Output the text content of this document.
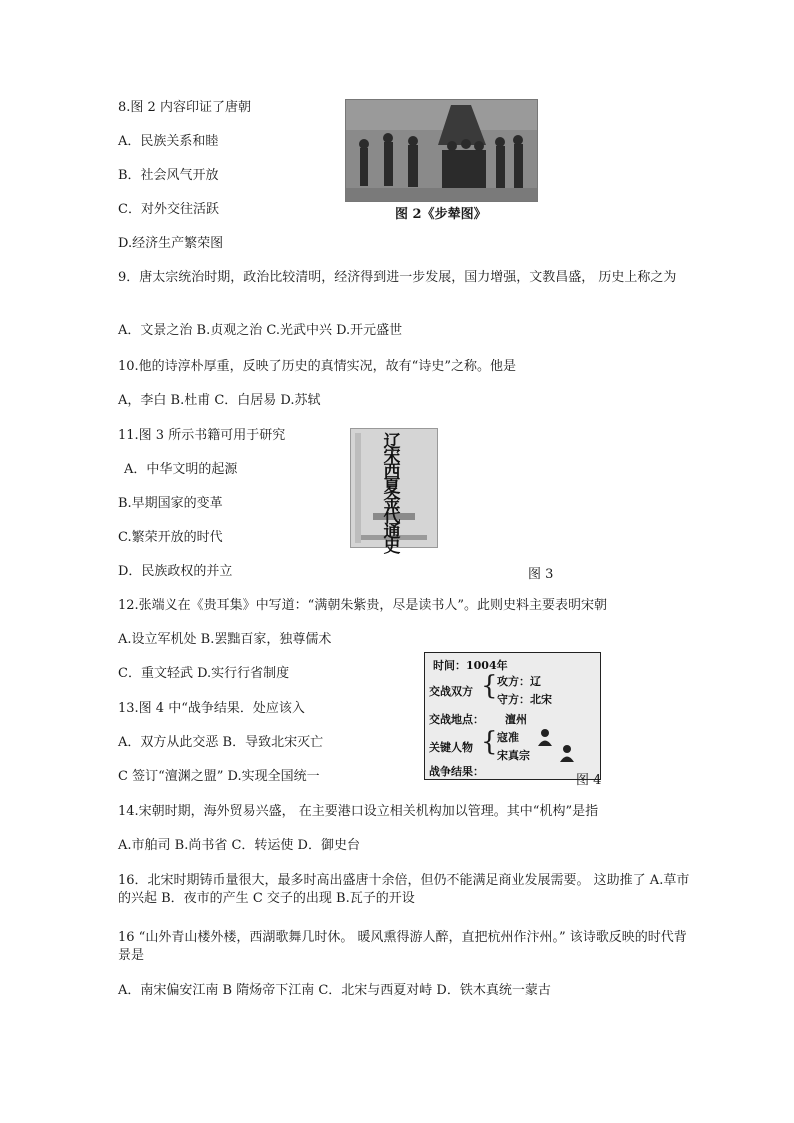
8.图 2 内容印证了唐朝
A．民族关系和睦
B．社会风气开放
C．对外交往活跃
D.经济生产繁荣图
图 2《步辇图》
9．唐太宗统治时期，政治比较清明，经济得到进一步发展，国力增强，文教昌盛， 历史上称之为
A．文景之治 B.贞观之治 C.光武中兴 D.开元盛世
10.他的诗淳朴厚重，反映了历史的真情实况，故有“诗史”之称。他是
A，李白 B.杜甫 C．白居易 D.苏轼
11.图 3 所示书籍可用于研究
A．中华文明的起源
B.早期国家的变革
C.繁荣开放的时代
D．民族政权的并立
辽宋西夏金代通史
图 3
12.张端义在《贵耳集》中写道：“满朝朱紫贵，尽是读书人”。此则史料主要表明宋朝
A.设立军机处 B.罢黜百家，独尊儒术
C．重文轻武 D.实行行省制度
13.图 4 中“战争结果．处应该入
A．双方从此交恶 B．导致北宋灭亡
C 签订“澶渊之盟” D.实现全国统一
时间：1004年
交战双方 { 攻方：辽
守方：北宋
交战地点： 澶州
关键人物 { 寇准
宋真宗
战争结果：
图 4
14.宋朝时期，海外贸易兴盛， 在主要港口设立相关机构加以管理。其中“机构”是指
A.市舶司 B.尚书省 C．转运使 D．御史台
16．北宋时期铸币量很大，最多时高出盛唐十余倍，但仍不能满足商业发展需要。 这助推了 A.草市的兴起 B．夜市的产生 C 交子的出现 B.瓦子的开设
16 “山外青山楼外楼，西湖歌舞几时休。 暖风熏得游人醉，直把杭州作汴州。” 该诗歌反映的时代背景是
A．南宋偏安江南 B 隋炀帝下江南 C．北宋与西夏对峙 D．铁木真统一蒙古
